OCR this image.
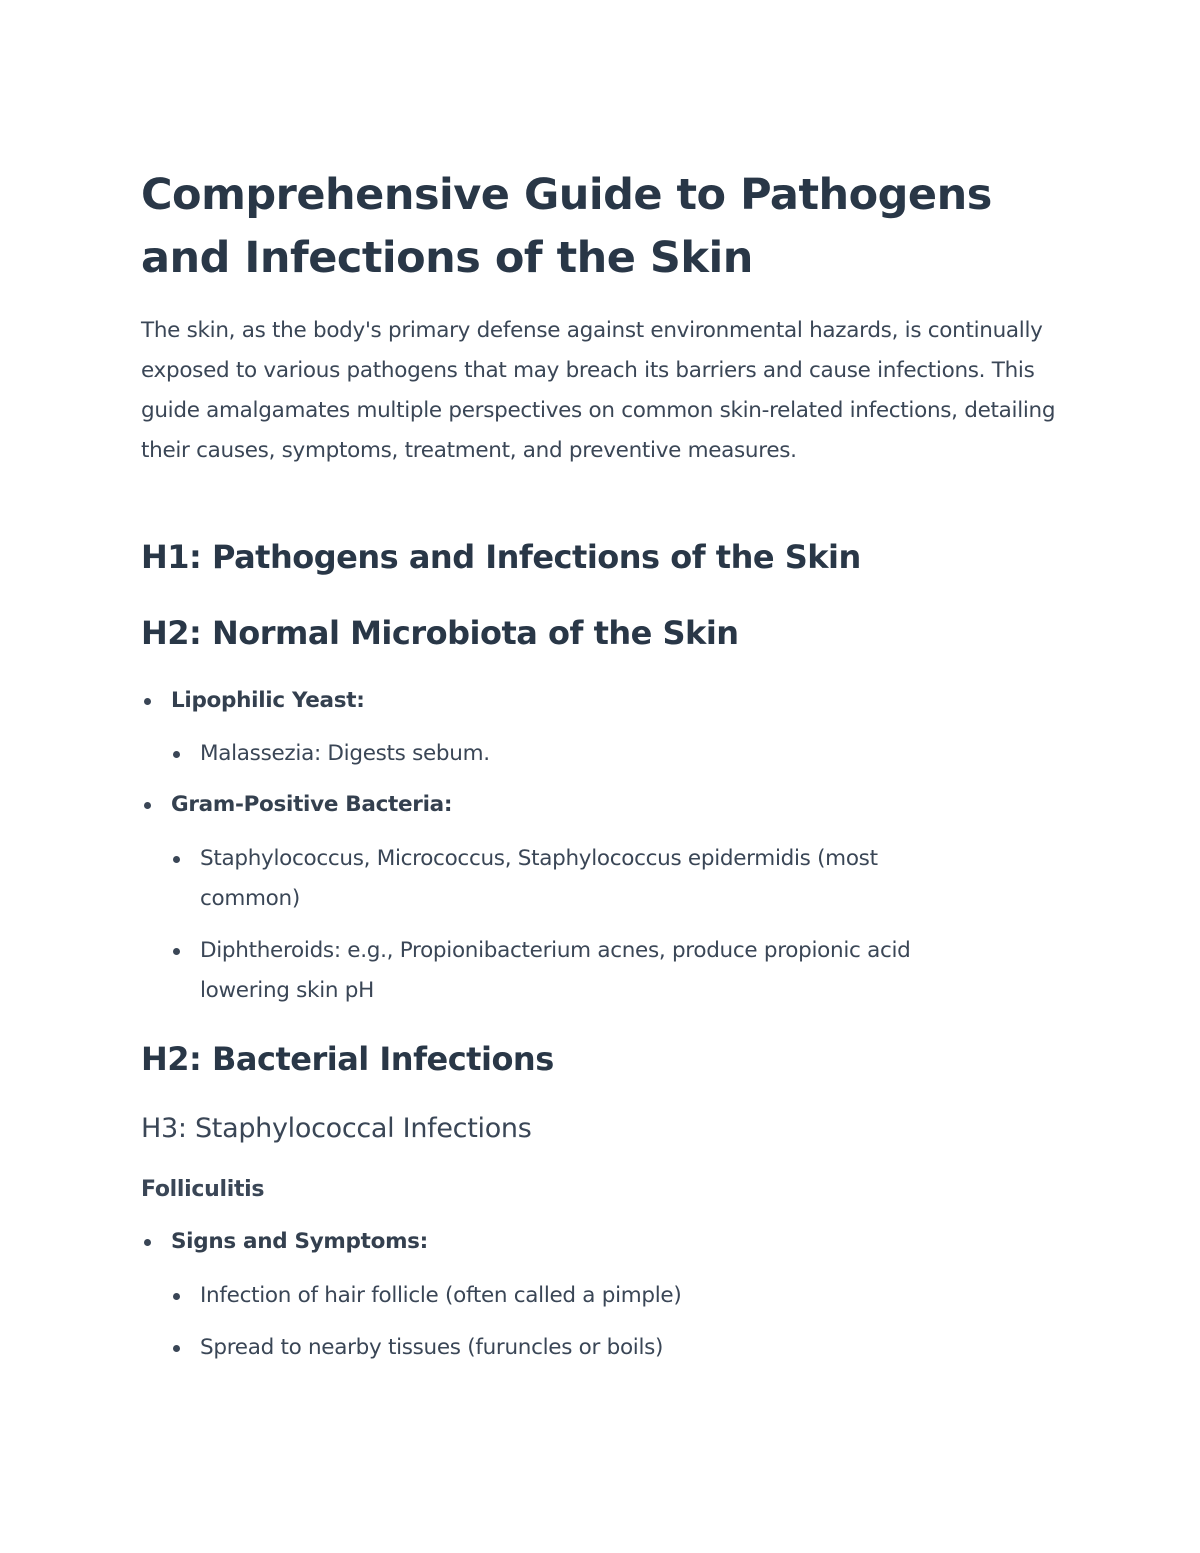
Comprehensive Guide to Pathogens
and Infections of the Skin

The skin, as the body's primary defense against environmental hazards, is continually exposed to various pathogens that may breach its barriers and cause infections. This guide amalgamates multiple perspectives on common skin-related infections, detailing their causes, symptoms, treatment, and preventive measures.

H1: Pathogens and Infections of the Skin
H2: Normal Microbiota of the Skin
Lipophilic Yeast:
Malassezia: Digests sebum.
Gram-Positive Bacteria:
Staphylococcus, Micrococcus, Staphylococcus epidermidis (most
common)
Diphtheroids: e.g., Propionibacterium acnes, produce propionic acid
lowering skin pH
H2: Bacterial Infections
H3: Staphylococcal Infections
Folliculitis
Signs and Symptoms:
Infection of hair follicle (often called a pimple)
Spread to nearby tissues (furuncles or boils)
